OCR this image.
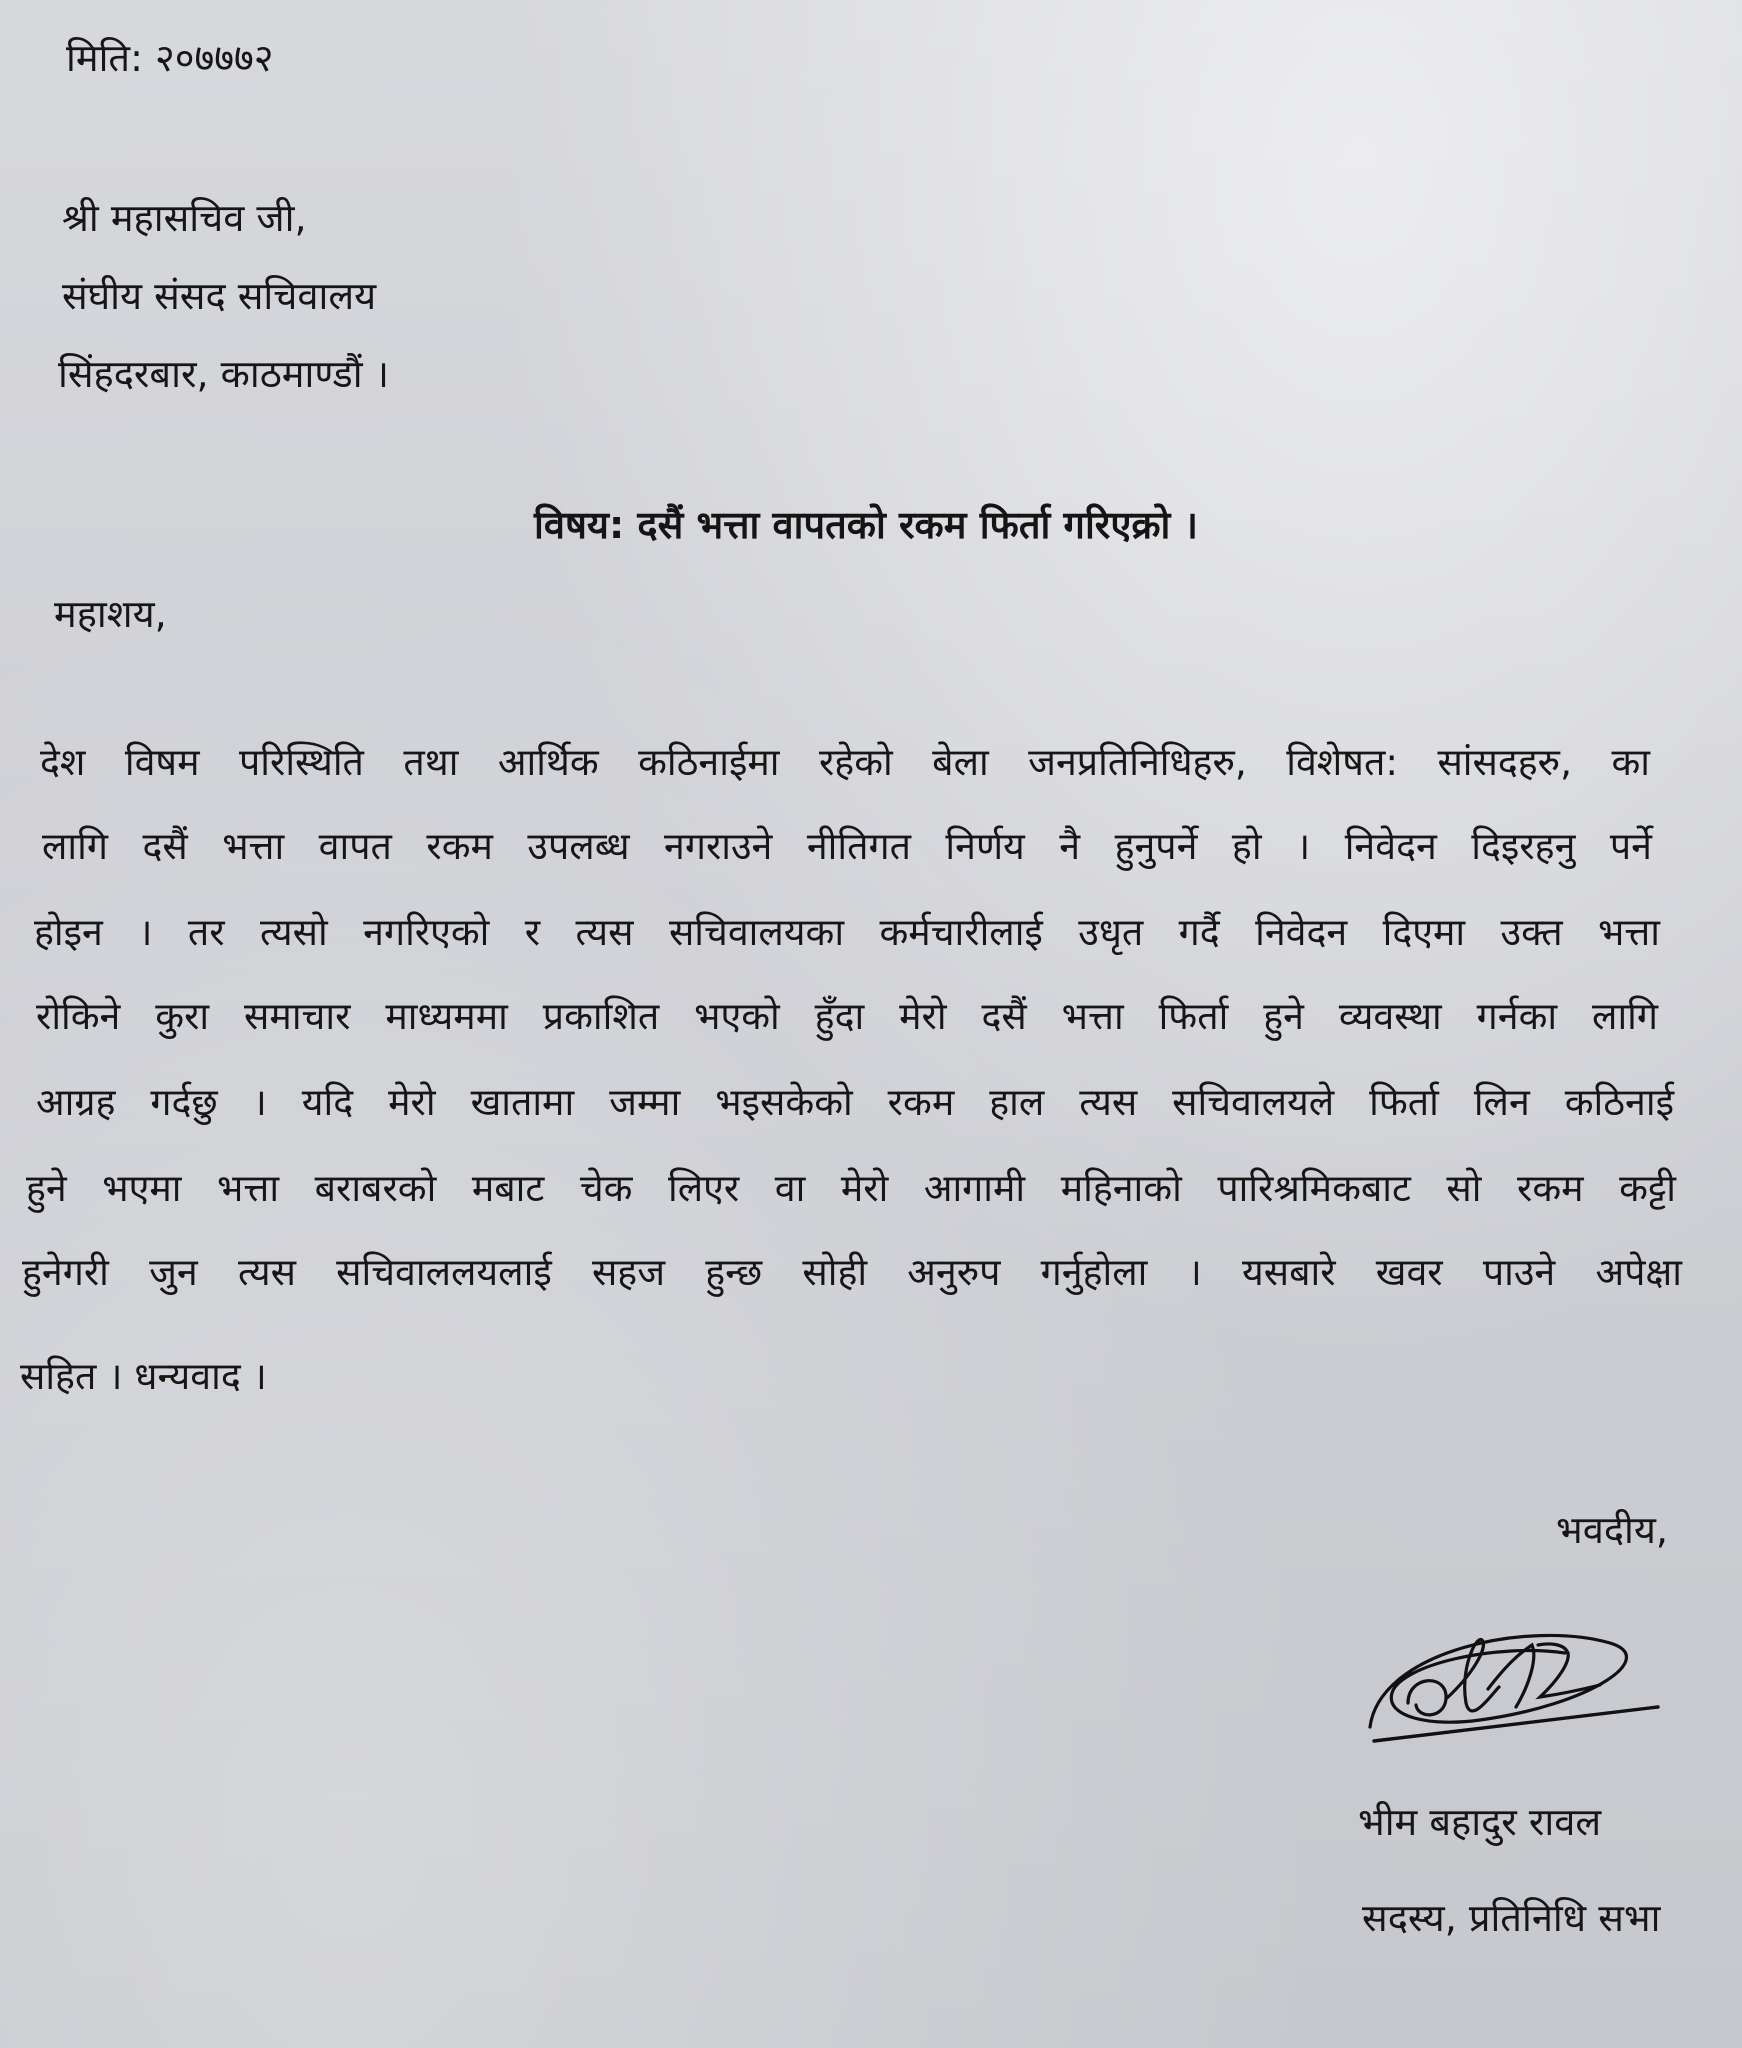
मिति: २०७७७२
श्री महासचिव जी,
संघीय संसद सचिवालय
सिंहदरबार, काठमाण्डौं ।
विषय: दसैं भत्ता वापतको रकम फिर्ता गरिएक्रो ।
महाशय,
देश विषम परिस्थिति तथा आर्थिक कठिनाईमा रहेको बेला जनप्रतिनिधिहरु, विशेषत: सांसदहरु, का
लागि दसैं भत्ता वापत रकम उपलब्ध नगराउने नीतिगत निर्णय नै हुनुपर्ने हो । निवेदन दिइरहनु पर्ने
होइन । तर त्यसो नगरिएको र त्यस सचिवालयका कर्मचारीलाई उधृत गर्दै निवेदन दिएमा उक्त भत्ता
रोकिने कुरा समाचार माध्यममा प्रकाशित भएको हुँदा मेरो दसैं भत्ता फिर्ता हुने व्यवस्था गर्नका लागि
आग्रह गर्दछु । यदि मेरो खातामा जम्मा भइसकेको रकम हाल त्यस सचिवालयले फिर्ता लिन कठिनाई
हुने भएमा भत्ता बराबरको मबाट चेक लिएर वा मेरो आगामी महिनाको पारिश्रमिकबाट सो रकम कट्टी
हुनेगरी जुन त्यस सचिवाललयलाई सहज हुन्छ सोही अनुरुप गर्नुहोला । यसबारे खवर पाउने अपेक्षा
सहित । धन्यवाद ।
भवदीय,
भीम बहादुर रावल
सदस्य, प्रतिनिधि सभा
